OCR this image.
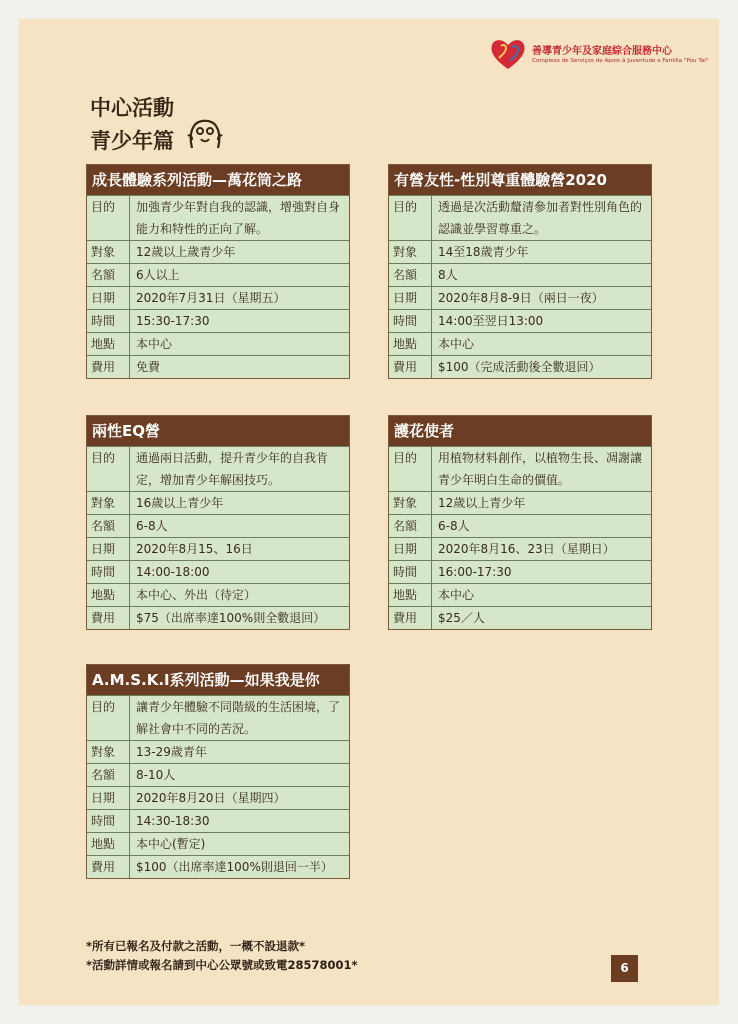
善導青少年及家庭綜合服務中心
Complexo de Serviços de Apoio à Juventude e Família "Pou Tai"
中心活動
青少年篇
成長體驗系列活動—萬花筒之路
目的	加強青少年對自我的認識，增強對自身能力和特性的正向了解。
對象	12歲以上歲青少年
名額	6人以上
日期	2020年7月31日（星期五）
時間	15:30-17:30
地點	本中心
費用	免費
有營友性-性別尊重體驗營2020
目的	透過是次活動釐清參加者對性別角色的認識並學習尊重之。
對象	14至18歲青少年
名額	8人
日期	2020年8月8-9日（兩日一夜）
時間	14:00至翌日13:00
地點	本中心
費用	$100（完成活動後全數退回）
兩性EQ營
目的	通過兩日活動，提升青少年的自我肯定，增加青少年解困技巧。
對象	16歲以上青少年
名額	6-8人
日期	2020年8月15、16日
時間	14:00-18:00
地點	本中心、外出（待定）
費用	$75（出席率達100%則全數退回）
護花使者
目的	用植物材料創作，以植物生長、凋謝讓青少年明白生命的價值。
對象	12歲以上青少年
名額	6-8人
日期	2020年8月16、23日（星期日）
時間	16:00-17:30
地點	本中心
費用	$25／人
A.M.S.K.I系列活動—如果我是你
目的	讓青少年體驗不同階級的生活困境，了解社會中不同的苦況。
對象	13-29歲青年
名額	8-10人
日期	2020年8月20日（星期四）
時間	14:30-18:30
地點	本中心(暫定)
費用	$100（出席率達100%則退回一半）
*所有已報名及付款之活動，一概不設退款*
*活動詳情或報名請到中心公眾號或致電28578001*	6
